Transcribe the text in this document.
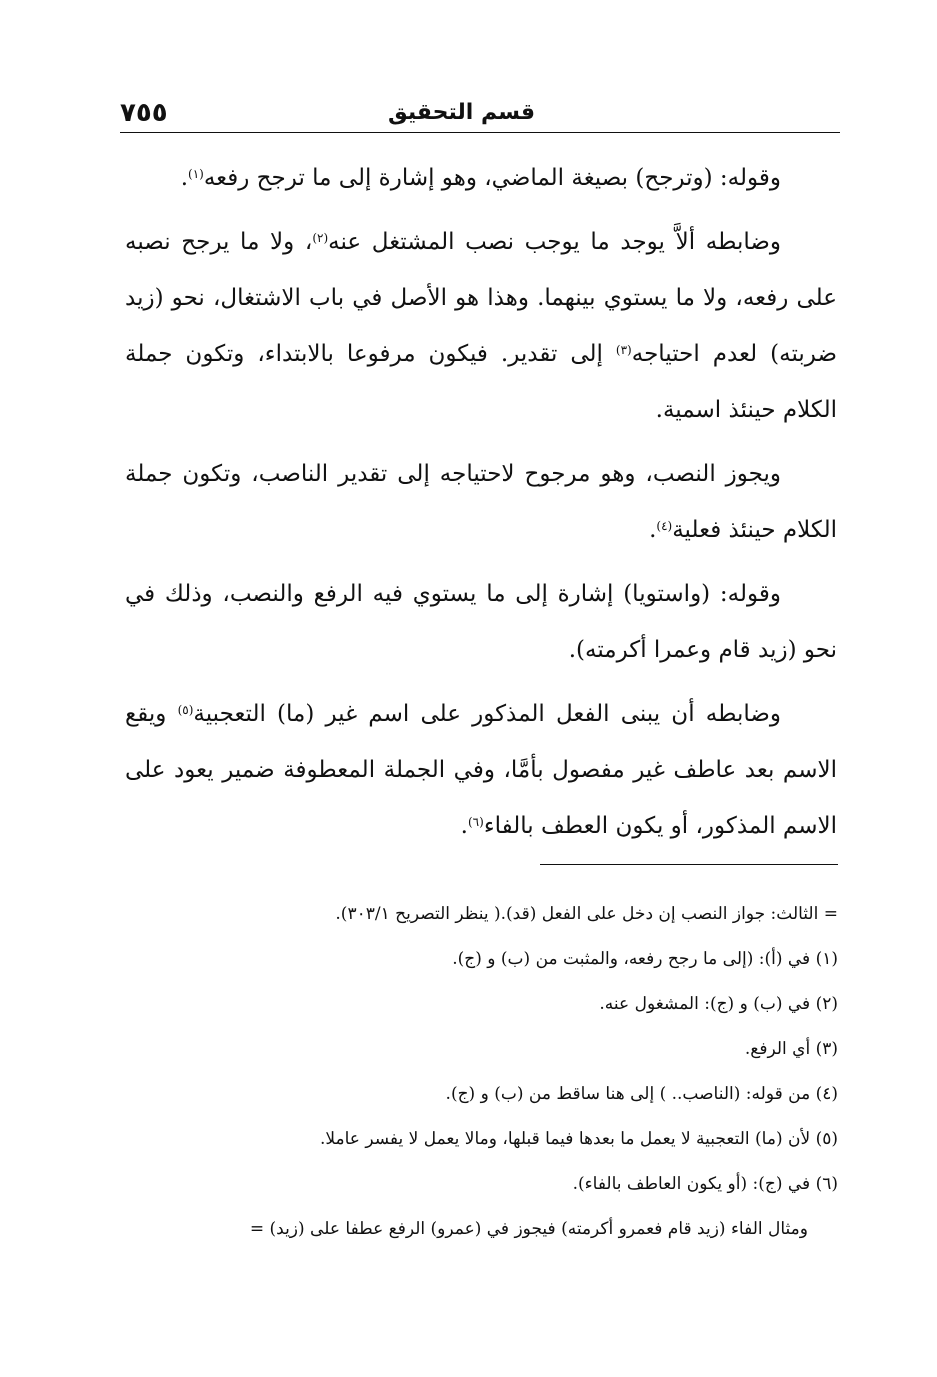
٧٥٥	قسم التحقيق

وقوله: (وترجح) بصيغة الماضي، وهو إشارة إلى ما ترجح رفعه$^{(١)}$.

وضابطه ألاَّ يوجد ما يوجب نصب المشتغل عنه$^{(٢)}$، ولا ما يرجح نصبه على رفعه، ولا ما يستوي بينهما. وهذا هو الأصل في باب الاشتغال، نحو (زيد ضربته) لعدم احتياجه$^{(٣)}$ إلى تقدير. فيكون مرفوعا بالابتداء، وتكون جملة الكلام حينئذ اسمية.

ويجوز النصب، وهو مرجوح لاحتياجه إلى تقدير الناصب، وتكون جملة الكلام حينئذ فعلية$^{(٤)}$.

وقوله: (واستويا) إشارة إلى ما يستوي فيه الرفع والنصب، وذلك في نحو (زيد قام وعمرا أكرمته).

وضابطه أن يبنى الفعل المذكور على اسم غير (ما) التعجبية$^{(٥)}$ ويقع الاسم بعد عاطف غير مفصول بأمَّا، وفي الجملة المعطوفة ضمير يعود على الاسم المذكور، أو يكون العطف بالفاء$^{(٦)}$.

= الثالث: جواز النصب إن دخل على الفعل (قد).( ينظر التصريح ٣٠٣/١).
(١) في (أ): (إلى ما رجح رفعه، والمثبت من (ب) و (ج).
(٢) في (ب) و (ج): المشغول عنه.
(٣) أي الرفع.
(٤) من قوله: (الناصب.. ) إلى هنا ساقط من (ب) و (ج).
(٥) لأن (ما) التعجبية لا يعمل ما بعدها فيما قبلها، ومالا يعمل لا يفسر عاملا.
(٦) في (ج): (أو يكون العاطف بالفاء).
ومثال الفاء (زيد قام فعمرو أكرمته) فيجوز في (عمرو) الرفع عطفا على (زيد) =
